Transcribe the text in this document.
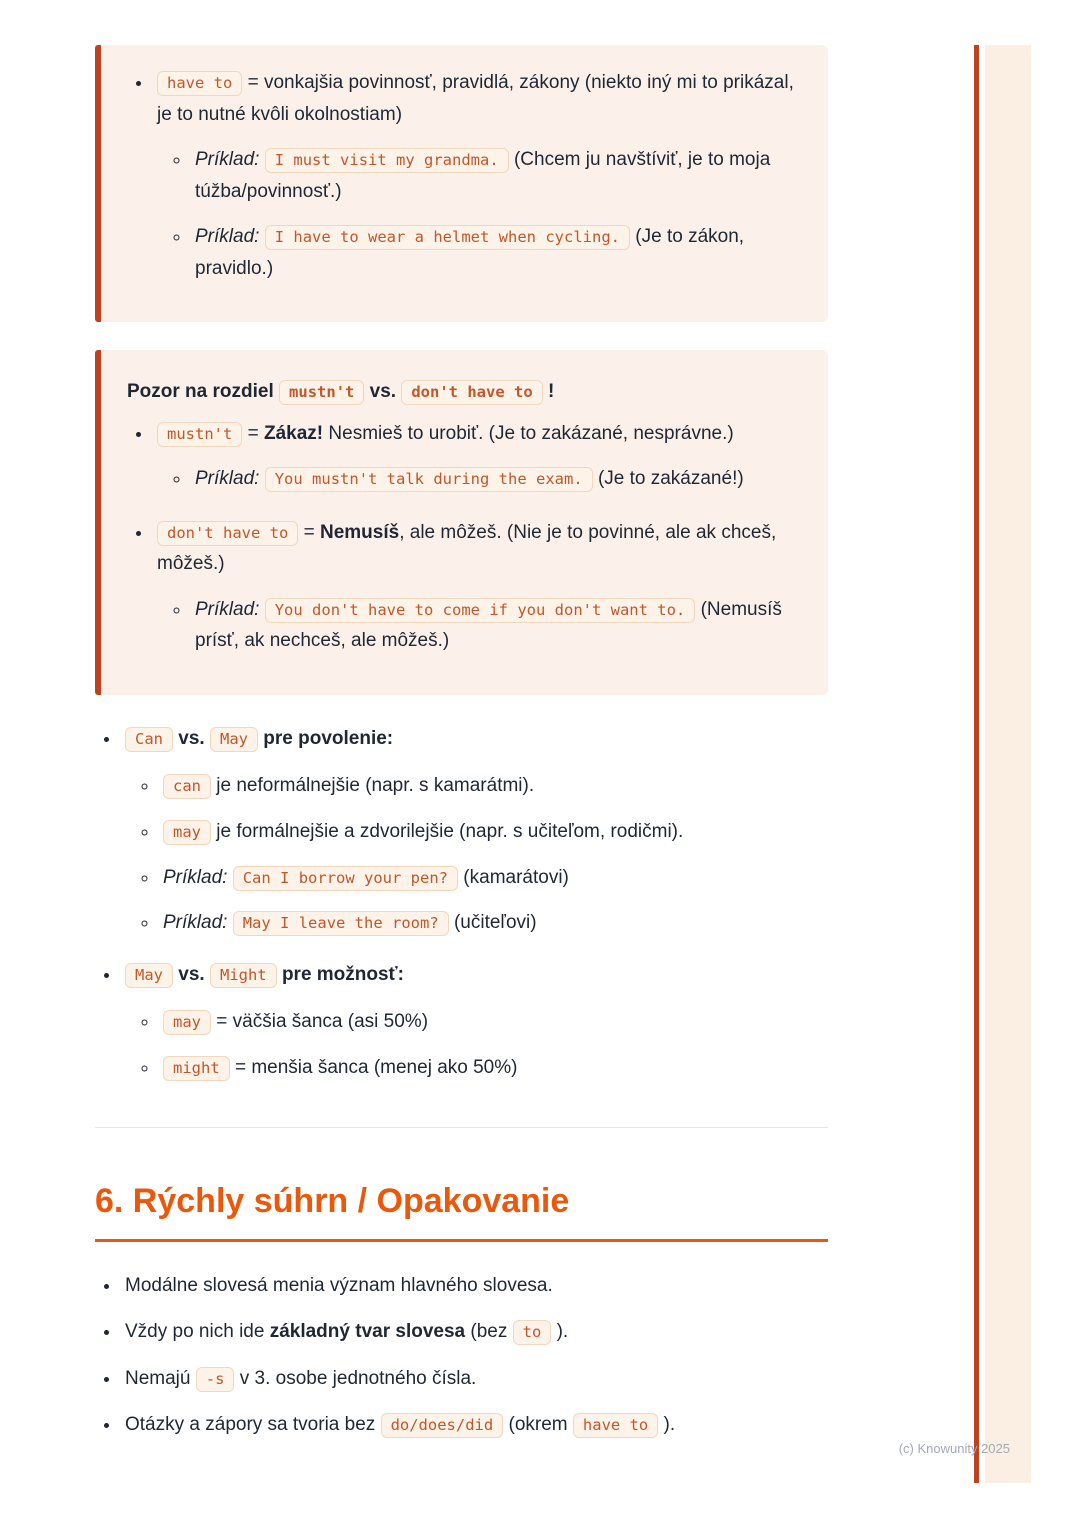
• have to = vonkajšia povinnosť, pravidlá, zákony (niekto iný mi to prikázal, je to nutné kvôli okolnostiam)
◦ Príklad: I must visit my grandma. (Chcem ju navštíviť, je to moja túžba/povinnosť.)
◦ Príklad: I have to wear a helmet when cycling. (Je to zákon, pravidlo.)

Pozor na rozdiel mustn't vs. don't have to !

• mustn't = Zákaz! Nesmieš to urobiť. (Je to zakázané, nesprávne.)
◦ Príklad: You mustn't talk during the exam. (Je to zakázané!)
• don't have to = Nemusíš, ale môžeš. (Nie je to povinné, ale ak chceš, môžeš.)
◦ Príklad: You don't have to come if you don't want to. (Nemusíš prísť, ak nechceš, ale môžeš.)
• Can vs. May pre povolenie:
◦ can je neformálnejšie (napr. s kamarátmi).
◦ may je formálnejšie a zdvorilejšie (napr. s učiteľom, rodičmi).
◦ Príklad: Can I borrow your pen? (kamarátovi)
◦ Príklad: May I leave the room? (učiteľovi)
• May vs. Might pre možnosť:
◦ may = väčšia šanca (asi 50%)
◦ might = menšia šanca (menej ako 50%)
6. Rýchly súhrn / Opakovanie
• Modálne slovesá menia význam hlavného slovesa.
• Vždy po nich ide základný tvar slovesa (bez to ).
• Nemajú -s v 3. osobe jednotného čísla.
• Otázky a zápory sa tvoria bez do/does/did (okrem have to ).
(c) Knowunity 2025
